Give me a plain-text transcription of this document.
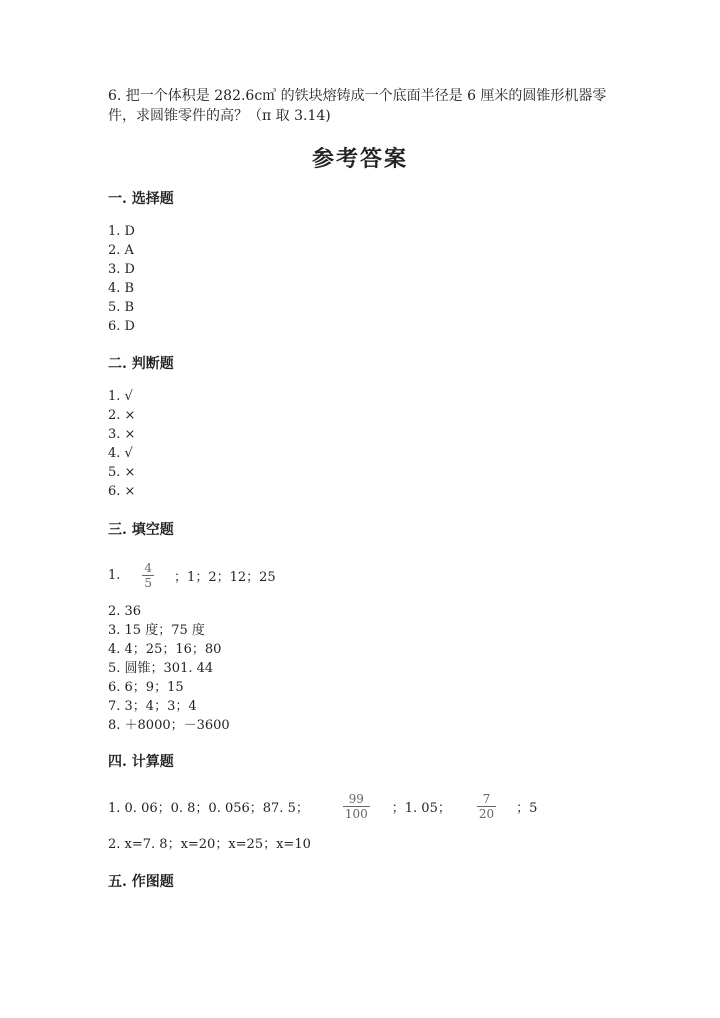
6. 把一个体积是 282.6c㎥ 的铁块熔铸成一个底面半径是 6 厘米的圆锥形机器零
件，求圆锥零件的高？（π 取 3.14)
参考答案
一. 选择题
1. D
2. A
3. D
4. B
5. B
6. D
二. 判断题
1. √
2. ×
3. ×
4. √
5. ×
6. ×
三. 填空题
1. $\frac{4}{5}$ ；1；2；12；25
2. 36
3. 15 度；75 度
4. 4；25；16；80
5. 圆锥；301. 44
6. 6；9；15
7. 3；4；3；4
8. ＋8000；－3600
四. 计算题
1. 0. 06；0. 8；0. 056；87. 5；	$\frac{99}{100}$ ；1. 05； $\frac{7}{20}$ ；5
2. x=7. 8；x=20；x=25；x=10
五. 作图题
